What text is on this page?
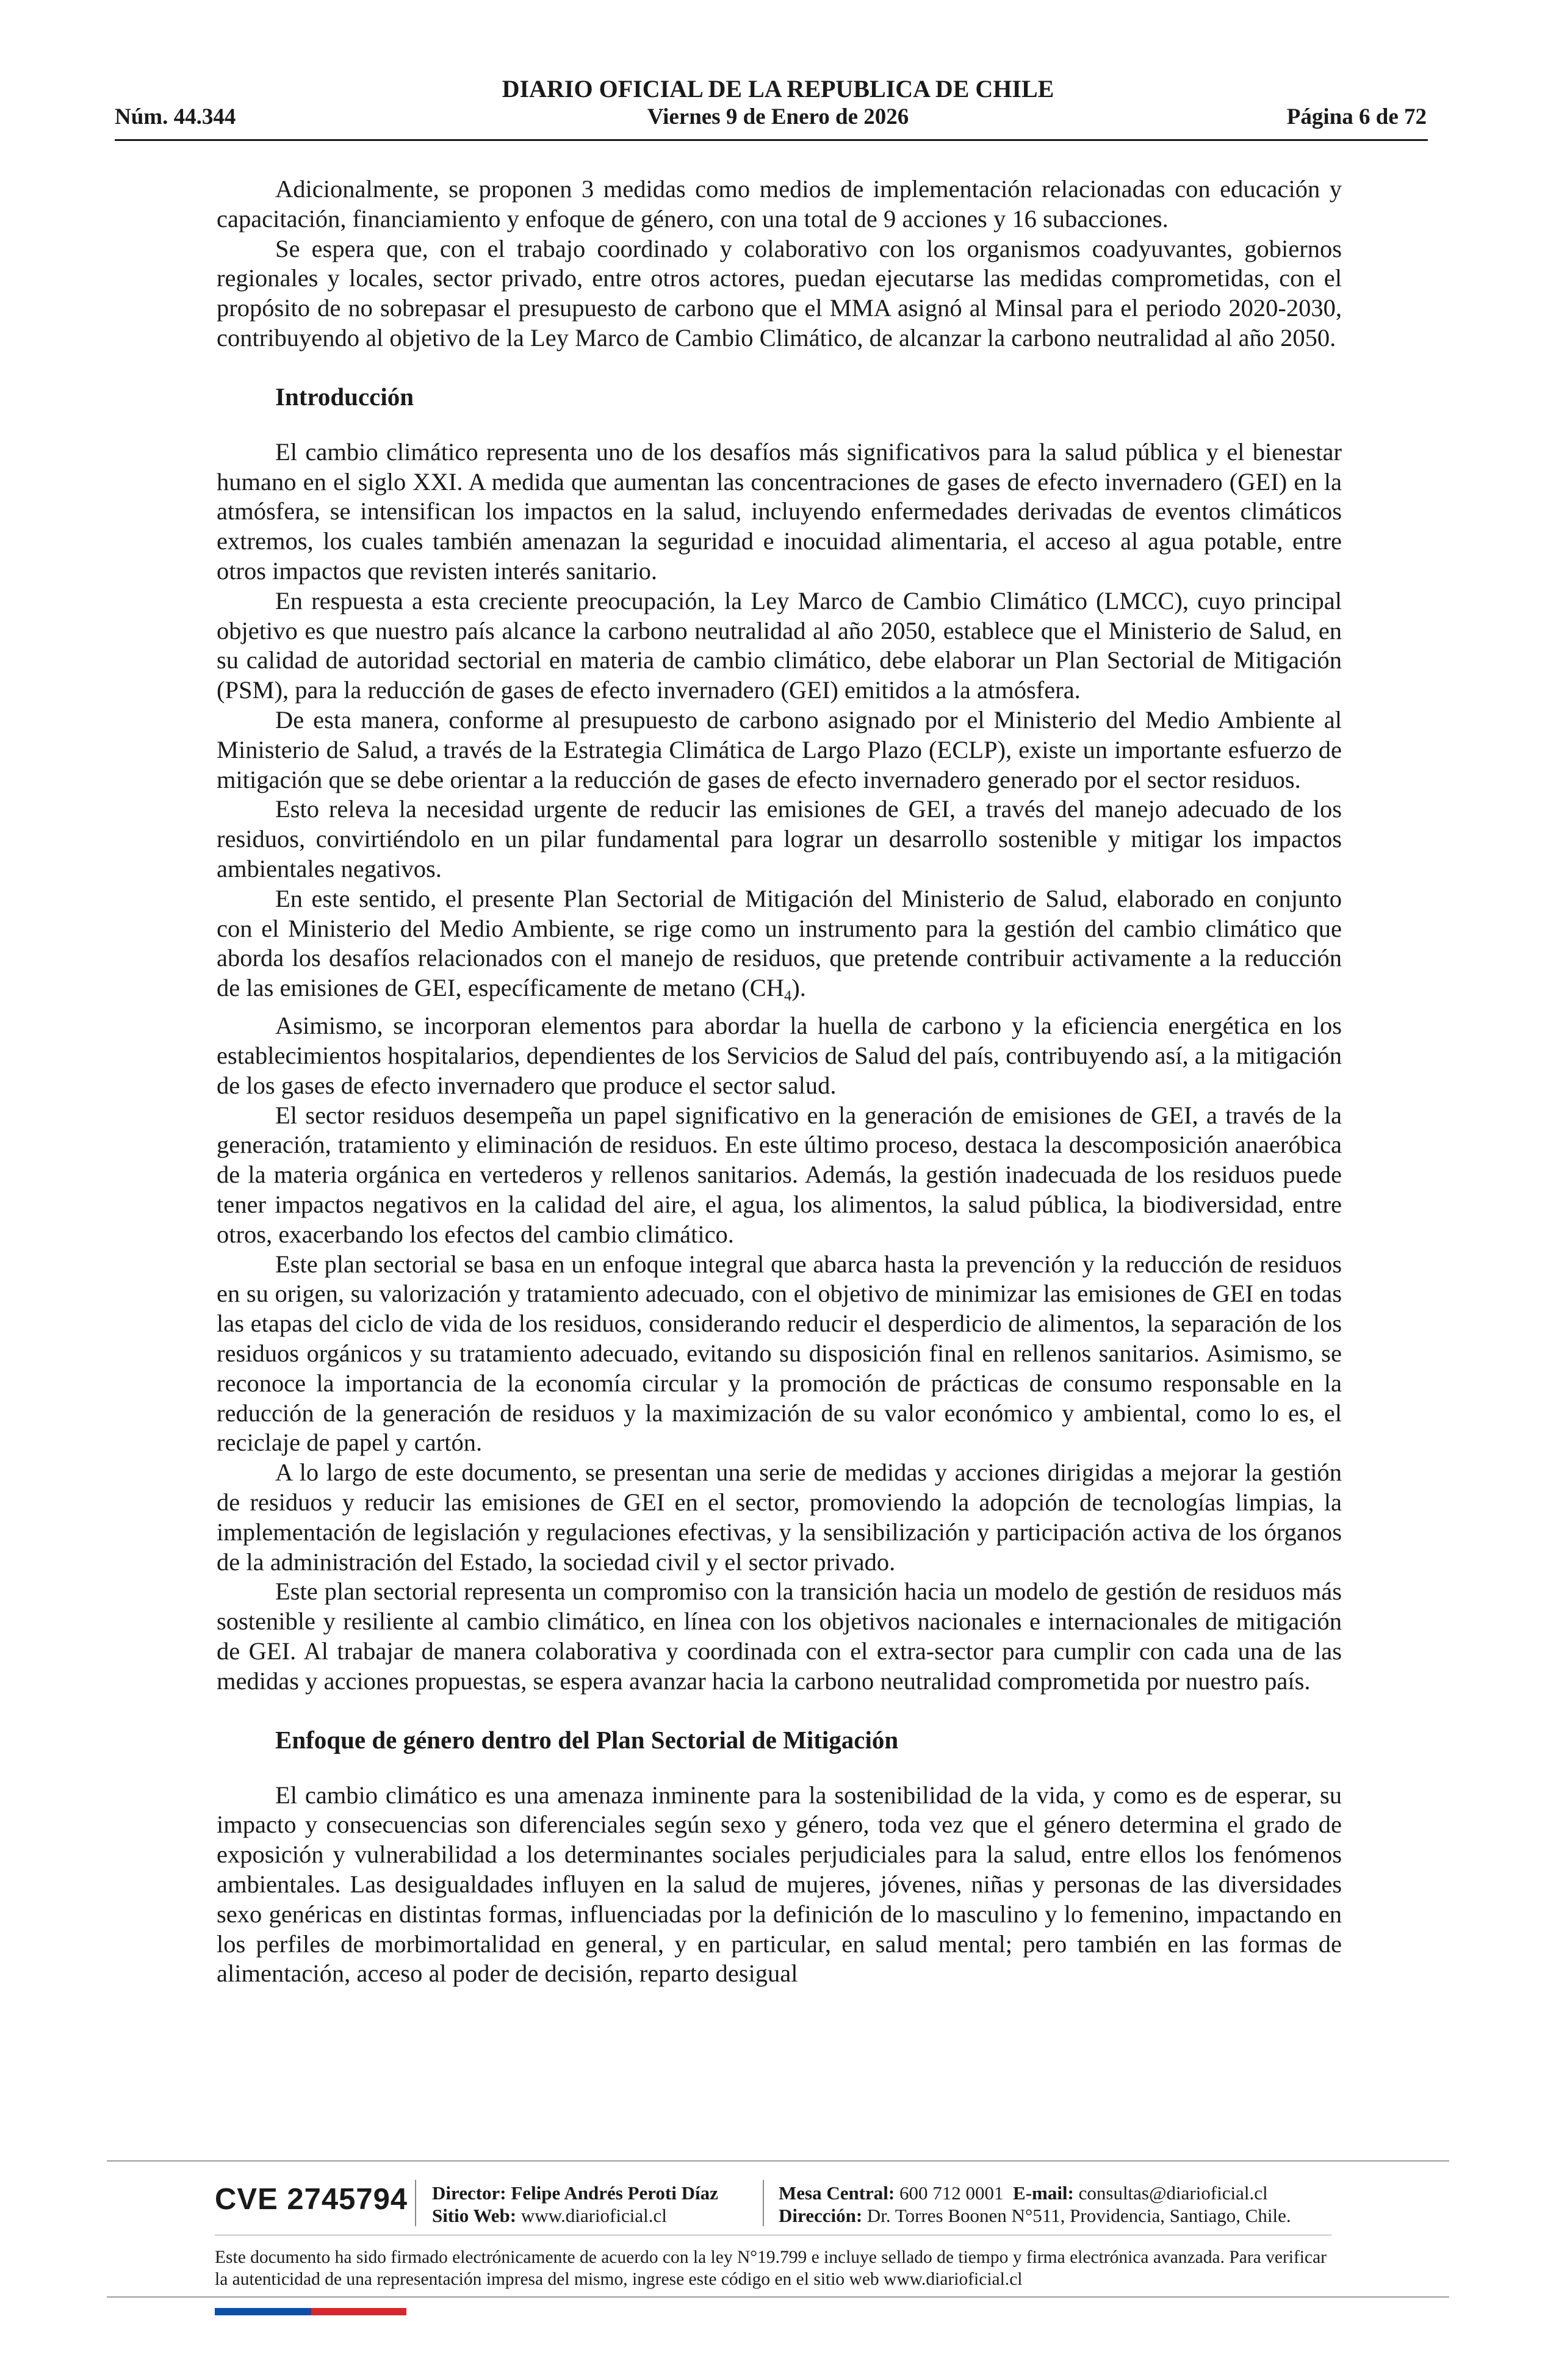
DIARIO OFICIAL DE LA REPUBLICA DE CHILE
Viernes 9 de Enero de 2026
Núm. 44.344	Página 6 de 72

Adicionalmente, se proponen 3 medidas como medios de implementación relacionadas con educación y capacitación, financiamiento y enfoque de género, con una total de 9 acciones y 16 subacciones.

Se espera que, con el trabajo coordinado y colaborativo con los organismos coadyuvantes, gobiernos regionales y locales, sector privado, entre otros actores, puedan ejecutarse las medidas comprometidas, con el propósito de no sobrepasar el presupuesto de carbono que el MMA asignó al Minsal para el periodo 2020-2030, contribuyendo al objetivo de la Ley Marco de Cambio Climático, de alcanzar la carbono neutralidad al año 2050.

Introducción

El cambio climático representa uno de los desafíos más significativos para la salud pública y el bienestar humano en el siglo XXI. A medida que aumentan las concentraciones de gases de efecto invernadero (GEI) en la atmósfera, se intensifican los impactos en la salud, incluyendo enfermedades derivadas de eventos climáticos extremos, los cuales también amenazan la seguridad e inocuidad alimentaria, el acceso al agua potable, entre otros impactos que revisten interés sanitario.

En respuesta a esta creciente preocupación, la Ley Marco de Cambio Climático (LMCC), cuyo principal objetivo es que nuestro país alcance la carbono neutralidad al año 2050, establece que el Ministerio de Salud, en su calidad de autoridad sectorial en materia de cambio climático, debe elaborar un Plan Sectorial de Mitigación (PSM), para la reducción de gases de efecto invernadero (GEI) emitidos a la atmósfera.

De esta manera, conforme al presupuesto de carbono asignado por el Ministerio del Medio Ambiente al Ministerio de Salud, a través de la Estrategia Climática de Largo Plazo (ECLP), existe un importante esfuerzo de mitigación que se debe orientar a la reducción de gases de efecto invernadero generado por el sector residuos.

Esto releva la necesidad urgente de reducir las emisiones de GEI, a través del manejo adecuado de los residuos, convirtiéndolo en un pilar fundamental para lograr un desarrollo sostenible y mitigar los impactos ambientales negativos.

En este sentido, el presente Plan Sectorial de Mitigación del Ministerio de Salud, elaborado en conjunto con el Ministerio del Medio Ambiente, se rige como un instrumento para la gestión del cambio climático que aborda los desafíos relacionados con el manejo de residuos, que pretende contribuir activamente a la reducción de las emisiones de GEI, específicamente de metano $(CH_4)$.

Asimismo, se incorporan elementos para abordar la huella de carbono y la eficiencia energética en los establecimientos hospitalarios, dependientes de los Servicios de Salud del país, contribuyendo así, a la mitigación de los gases de efecto invernadero que produce el sector salud.

El sector residuos desempeña un papel significativo en la generación de emisiones de GEI, a través de la generación, tratamiento y eliminación de residuos. En este último proceso, destaca la descomposición anaeróbica de la materia orgánica en vertederos y rellenos sanitarios. Además, la gestión inadecuada de los residuos puede tener impactos negativos en la calidad del aire, el agua, los alimentos, la salud pública, la biodiversidad, entre otros, exacerbando los efectos del cambio climático.

Este plan sectorial se basa en un enfoque integral que abarca hasta la prevención y la reducción de residuos en su origen, su valorización y tratamiento adecuado, con el objetivo de minimizar las emisiones de GEI en todas las etapas del ciclo de vida de los residuos, considerando reducir el desperdicio de alimentos, la separación de los residuos orgánicos y su tratamiento adecuado, evitando su disposición final en rellenos sanitarios. Asimismo, se reconoce la importancia de la economía circular y la promoción de prácticas de consumo responsable en la reducción de la generación de residuos y la maximización de su valor económico y ambiental, como lo es, el reciclaje de papel y cartón.

A lo largo de este documento, se presentan una serie de medidas y acciones dirigidas a mejorar la gestión de residuos y reducir las emisiones de GEI en el sector, promoviendo la adopción de tecnologías limpias, la implementación de legislación y regulaciones efectivas, y la sensibilización y participación activa de los órganos de la administración del Estado, la sociedad civil y el sector privado.

Este plan sectorial representa un compromiso con la transición hacia un modelo de gestión de residuos más sostenible y resiliente al cambio climático, en línea con los objetivos nacionales e internacionales de mitigación de GEI. Al trabajar de manera colaborativa y coordinada con el extra-sector para cumplir con cada una de las medidas y acciones propuestas, se espera avanzar hacia la carbono neutralidad comprometida por nuestro país.

Enfoque de género dentro del Plan Sectorial de Mitigación

El cambio climático es una amenaza inminente para la sostenibilidad de la vida, y como es de esperar, su impacto y consecuencias son diferenciales según sexo y género, toda vez que el género determina el grado de exposición y vulnerabilidad a los determinantes sociales perjudiciales para la salud, entre ellos los fenómenos ambientales. Las desigualdades influyen en la salud de mujeres, jóvenes, niñas y personas de las diversidades sexo genéricas en distintas formas, influenciadas por la definición de lo masculino y lo femenino, impactando en los perfiles de morbimortalidad en general, y en particular, en salud mental; pero también en las formas de alimentación, acceso al poder de decisión, reparto desigual

CVE 2745794 Director: Felipe Andrés Peroti Díaz
Sitio Web: www.diarioficial.cl
Mesa Central: 600 712 0001 E-mail: consultas@diarioficial.cl
Dirección: Dr. Torres Boonen N°511, Providencia, Santiago, Chile.
Este documento ha sido firmado electrónicamente de acuerdo con la ley N°19.799 e incluye sellado de tiempo y firma electrónica avanzada. Para verificar la autenticidad de una representación impresa del mismo, ingrese este código en el sitio web www.diarioficial.cl
